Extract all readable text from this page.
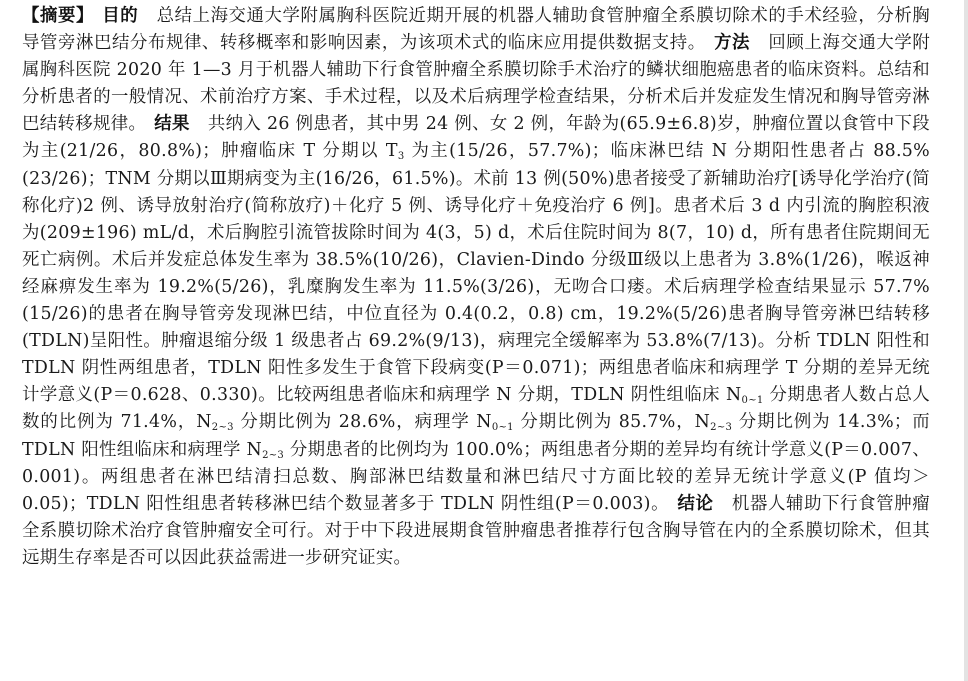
【摘要】 目的 总结上海交通大学附属胸科医院近期开展的机器人辅助食管肿瘤全系膜切除术的手术经验，分析胸导管旁淋巴结分布规律、转移概率和影响因素，为该项术式的临床应用提供数据支持。 方法 回顾上海交通大学附属胸科医院 2020 年 1—3 月于机器人辅助下行食管肿瘤全系膜切除手术治疗的鳞状细胞癌患者的临床资料。总结和分析患者的一般情况、术前治疗方案、手术过程，以及术后病理学检查结果，分析术后并发症发生情况和胸导管旁淋巴结转移规律。 结果 共纳入 26 例患者，其中男 24 例、女 2 例，年龄为(65.9±6.8)岁，肿瘤位置以食管中下段为主(21/26，80.8%)；肿瘤临床 T 分期以 $T_3$ 为主(15/26，57.7%)；临床淋巴结 N 分期阳性患者占 88.5%(23/26)；TNM 分期以Ⅲ期病变为主(16/26，61.5%)。术前 13 例(50%)患者接受了新辅助治疗[诱导化学治疗(简称化疗)2 例、诱导放射治疗(简称放疗)＋化疗 5 例、诱导化疗＋免疫治疗 6 例]。患者术后 3 d 内引流的胸腔积液为(209±196) mL/d，术后胸腔引流管拔除时间为 4(3，5) d，术后住院时间为 8(7，10) d，所有患者住院期间无死亡病例。术后并发症总体发生率为 38.5%(10/26)，Clavien-Dindo 分级Ⅲ级以上患者为 3.8%(1/26)，喉返神经麻痹发生率为 19.2%(5/26)，乳糜胸发生率为 11.5%(3/26)，无吻合口瘘。术后病理学检查结果显示 57.7%(15/26)的患者在胸导管旁发现淋巴结，中位直径为 0.4(0.2，0.8) cm，19.2%(5/26)患者胸导管旁淋巴结转移(TDLN)呈阳性。肿瘤退缩分级 1 级患者占 69.2%(9/13)，病理完全缓解率为 53.8%(7/13)。分析 TDLN 阳性和 TDLN 阴性两组患者，TDLN 阳性多发生于食管下段病变(P＝0.071)；两组患者临床和病理学 T 分期的差异无统计学意义(P＝0.628、0.330)。比较两组患者临床和病理学 N 分期，TDLN 阴性组临床 $N_{0\sim 1}$ 分期患者人数占总人数的比例为 71.4%，$N_{2\sim 3}$ 分期比例为 28.6%，病理学 $N_{0\sim 1}$ 分期比例为 85.7%，$N_{2\sim 3}$ 分期比例为 14.3%；而 TDLN 阳性组临床和病理学 $N_{2\sim 3}$ 分期患者的比例均为 100.0%；两组患者分期的差异均有统计学意义(P＝0.007、0.001)。两组患者在淋巴结清扫总数、胸部淋巴结数量和淋巴结尺寸方面比较的差异无统计学意义(P 值均＞0.05)；TDLN 阳性组患者转移淋巴结个数显著多于 TDLN 阴性组(P＝0.003)。 结论 机器人辅助下行食管肿瘤全系膜切除术治疗食管肿瘤安全可行。对于中下段进展期食管肿瘤患者推荐行包含胸导管在内的全系膜切除术，但其远期生存率是否可以因此获益需进一步研究证实。
